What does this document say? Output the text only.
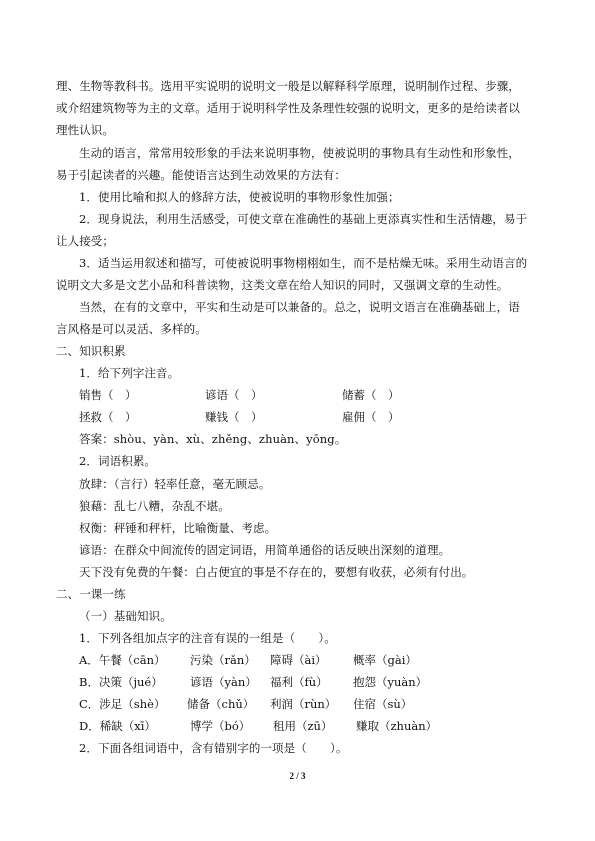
理、生物等教科书。选用平实说明的说明文一般是以解释科学原理，说明制作过程、步骤，
或介绍建筑物等为主的文章。适用于说明科学性及条理性较强的说明文，更多的是给读者以
理性认识。
生动的语言，常常用较形象的手法来说明事物，使被说明的事物具有生动性和形象性，
易于引起读者的兴趣。能使语言达到生动效果的方法有：
1．使用比喻和拟人的修辞方法，使被说明的事物形象性加强；
2．现身说法，利用生活感受，可使文章在准确性的基础上更添真实性和生活情趣，易于
让人接受；
3．适当运用叙述和描写，可使被说明事物栩栩如生，而不是枯燥无味。采用生动语言的
说明文大多是文艺小品和科普读物，这类文章在给人知识的同时，又强调文章的生动性。
当然，在有的文章中，平实和生动是可以兼备的。总之，说明文语言在准确基础上，语
言风格是可以灵活、多样的。
二、知识积累
1．给下列字注音。
销售（　）	谚语（　）	储蓄（　）
拯救（　）	赚钱（　）	雇佣（　）
答案：shòu、yàn、xù、zhěng、zhuàn、yōng。
2．词语积累。
放肆：（言行）轻率任意，毫无顾忌。
狼藉：乱七八糟，杂乱不堪。
权衡：秤锤和秤杆，比喻衡量、考虑。
谚语：在群众中间流传的固定词语，用简单通俗的话反映出深刻的道理。
天下没有免费的午餐：白占便宜的事是不存在的，要想有收获，必须有付出。
二、一课一练
（一）基础知识。
1．下列各组加点字的注音有误的一组是（　　）。
A．午餐（cān） 污染（rǎn） 障碍（ài） 概率（gài）
B．决策（jué） 谚语（yàn） 福利（fù） 抱怨（yuàn）
C．涉足（shè） 储备（chǔ） 利润（rùn） 住宿（sù）
D．稀缺（xī）	博学（bó） 租用（zū） 赚取（zhuàn）
2．下面各组词语中，含有错别字的一项是（　　）。
2 / 3
